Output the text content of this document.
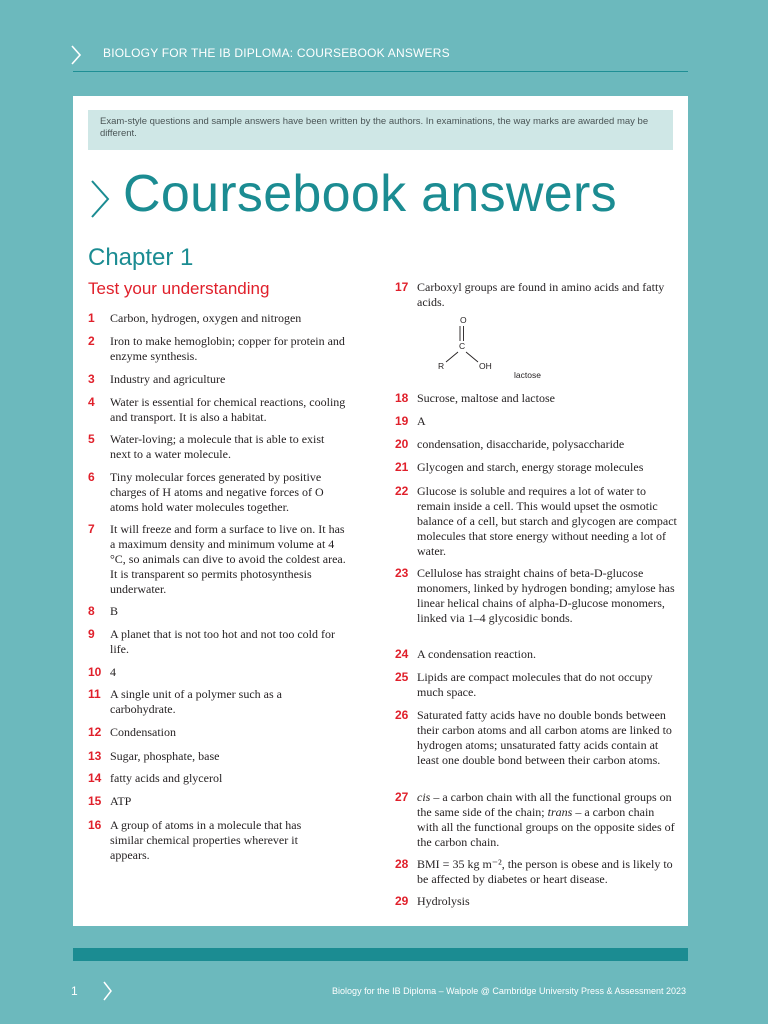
BIOLOGY FOR THE IB DIPLOMA: COURSEBOOK ANSWERS
Exam-style questions and sample answers have been written by the authors. In examinations, the way marks are awarded may be different.
Coursebook answers
Chapter 1
Test your understanding
1	Carbon, hydrogen, oxygen and nitrogen
2	Iron to make hemoglobin; copper for protein and enzyme synthesis.
3	Industry and agriculture
4	Water is essential for chemical reactions, cooling and transport. It is also a habitat.
5	Water-loving; a molecule that is able to exist next to a water molecule.
6	Tiny molecular forces generated by positive charges of H atoms and negative forces of O atoms hold water molecules together.
7	It will freeze and form a surface to live on. It has a maximum density and minimum volume at 4 °C, so animals can dive to avoid the coldest area. It is transparent so permits photosynthesis underwater.
8	B
9	A planet that is not too hot and not too cold for life.
10 4
11 A single unit of a polymer such as a carbohydrate.
12 Condensation
13 Sugar, phosphate, base
14 fatty acids and glycerol
15 ATP
16 A group of atoms in a molecule that has similar chemical properties wherever it appears.
17 Carboxyl groups are found in amino acids and fatty acids.
18 Sucrose, maltose and lactose
19 A
20 condensation, disaccharide, polysaccharide
21 Glycogen and starch, energy storage molecules
22 Glucose is soluble and requires a lot of water to remain inside a cell. This would upset the osmotic balance of a cell, but starch and glycogen are compact molecules that store energy without needing a lot of water.
23 Cellulose has straight chains of beta-D-glucose monomers, linked by hydrogen bonding; amylose has linear helical chains of alpha-D-glucose monomers, linked via 1–4 glycosidic bonds.
24 A condensation reaction.
25 Lipids are compact molecules that do not occupy much space.
26 Saturated fatty acids have no double bonds between their carbon atoms and all carbon atoms are linked to hydrogen atoms; unsaturated fatty acids contain at least one double bond between their carbon atoms.
27 cis – a carbon chain with all the functional groups on the same side of the chain; trans – a carbon chain with all the functional groups on the opposite sides of the carbon chain.
28 BMI = 35 kg m⁻², the person is obese and is likely to be affected by diabetes or heart disease.
29 Hydrolysis
O
C
R	OH
lactose
1	Biology for the IB Diploma – Walpole @ Cambridge University Press & Assessment 2023
